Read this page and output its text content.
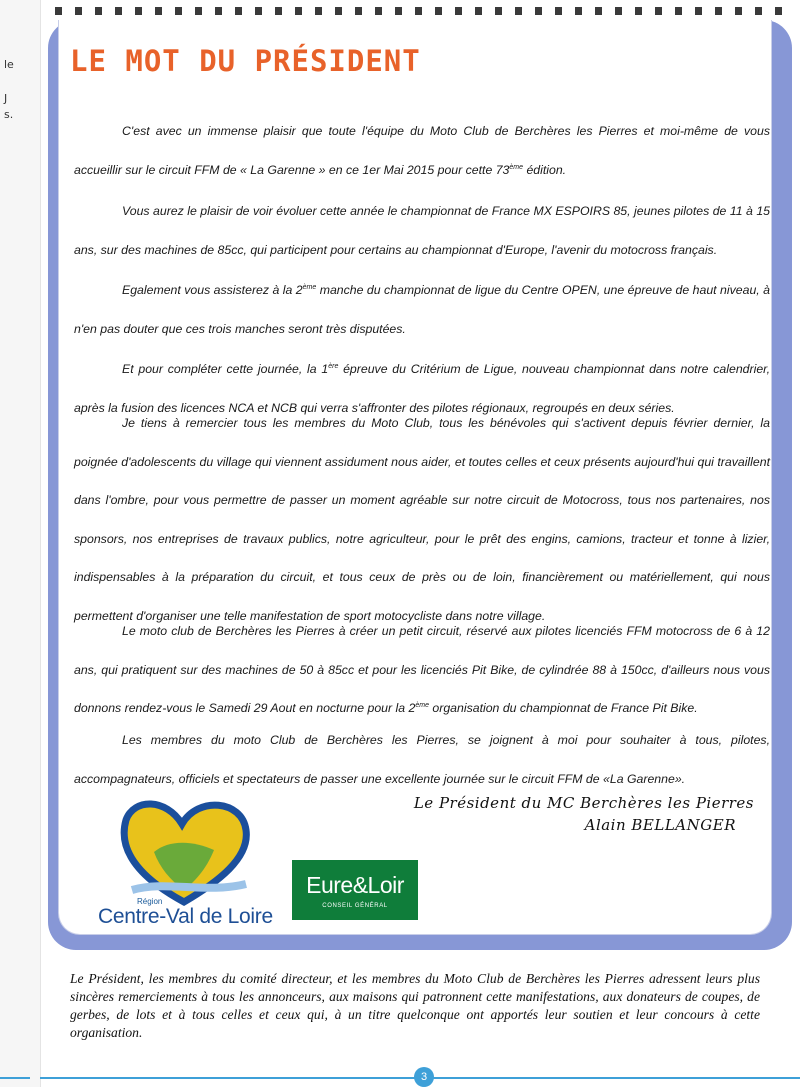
le
J
s.
LE MOT DU PRÉSIDENT

C'est avec un immense plaisir que toute l'équipe du Moto Club de Berchères les Pierres et moi-même de vous accueillir sur le circuit FFM de « La Garenne » en ce 1er Mai 2015 pour cette 73ème édition.

Vous aurez le plaisir de voir évoluer cette année le championnat de France MX ESPOIRS 85, jeunes pilotes de 11 à 15 ans, sur des machines de 85cc, qui participent pour certains au championnat d'Europe, l'avenir du motocross français.

Egalement vous assisterez à la 2ème manche du championnat de ligue du Centre OPEN, une épreuve de haut niveau, à n'en pas douter que ces trois manches seront très disputées.

Et pour compléter cette journée, la 1ère épreuve du Critérium de Ligue, nouveau championnat dans notre calendrier, après la fusion des licences NCA et NCB qui verra s'affronter des pilotes régionaux, regroupés en deux séries.

Je tiens à remercier tous les membres du Moto Club, tous les bénévoles qui s'activent depuis février dernier, la poignée d'adolescents du village qui viennent assidument nous aider, et toutes celles et ceux présents aujourd'hui qui travaillent dans l'ombre, pour vous permettre de passer un moment agréable sur notre circuit de Motocross, tous nos partenaires, nos sponsors, nos entreprises de travaux publics, notre agriculteur, pour le prêt des engins, camions, tracteur et tonne à lizier, indispensables à la préparation du circuit, et tous ceux de près ou de loin, financièrement ou matériellement, qui nous permettent d'organiser une telle manifestation de sport motocycliste dans notre village.

Le moto club de Berchères les Pierres à créer un petit circuit, réservé aux pilotes licenciés FFM motocross de 6 à 12 ans, qui pratiquent sur des machines de 50 à 85cc et pour les licenciés Pit Bike, de cylindrée 88 à 150cc, d'ailleurs nous vous donnons rendez-vous le Samedi 29 Aout en nocturne pour la 2ème organisation du championnat de France Pit Bike.

Les membres du moto Club de Berchères les Pierres, se joignent à moi pour souhaiter à tous, pilotes, accompagnateurs, officiels et spectateurs de passer une excellente journée sur le circuit FFM de «La Garenne».

Le Président du MC Berchères les Pierres
Alain BELLANGER
Région
Centre-Val de Loire
Eure&Loir
CONSEIL GÉNÉRAL

Le Président, les membres du comité directeur, et les membres du Moto Club de Berchères les Pierres adressent leurs plus sincères remerciements à tous les annonceurs, aux maisons qui patronnent cette manifestations, aux donateurs de coupes, de gerbes, de lots et à tous celles et ceux qui, à un titre quelconque ont apportés leur soutien et leur concours à cette organisation.

3
